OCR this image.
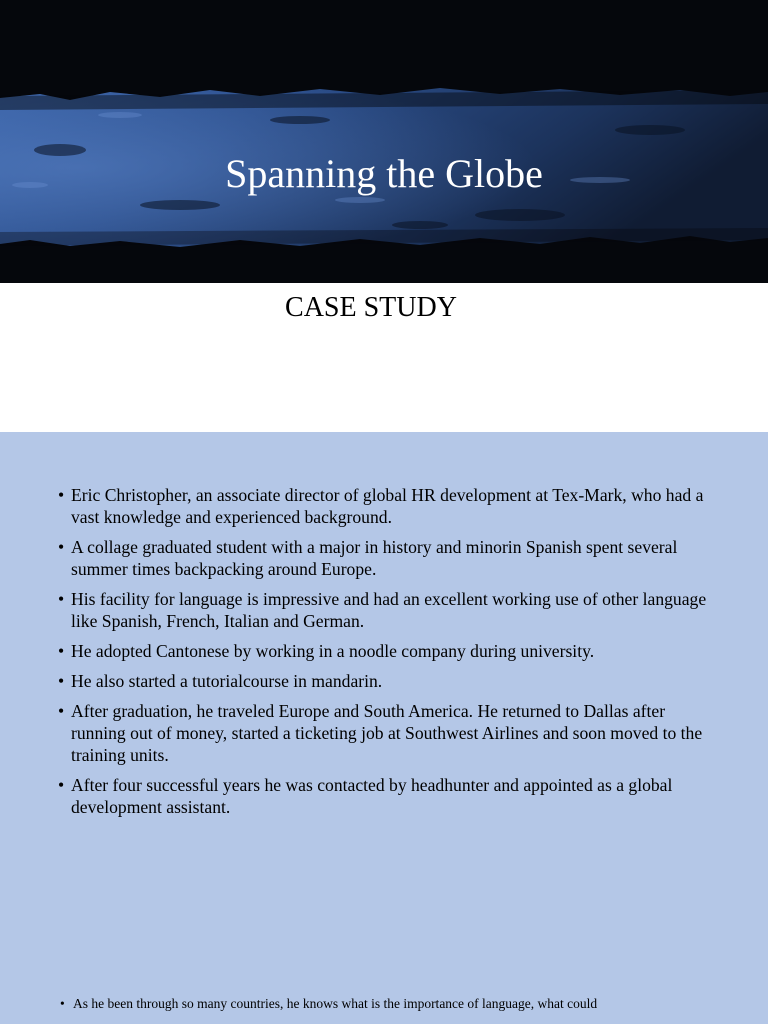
Spanning the Globe
CASE STUDY
• Eric Christopher, an associate director of global HR development at Tex-Mark, who had a vast knowledge and experienced background.
• A collage graduated student with a major in history and minorin Spanish spent several summer times backpacking around Europe.
• His facility for language is impressive and had an excellent working use of other language like Spanish, French, Italian and German.
• He adopted Cantonese by working in a noodle company during university.
• He also started a tutorialcourse in mandarin.
• After graduation, he traveled Europe and South America. He returned to Dallas after running out of money, started a ticketing job at Southwest Airlines and soon moved to the training units.
• After four successful years he was contacted by headhunter and appointed as a global development assistant.
• As he been through so many countries, he knows what is the importance of language, what could
